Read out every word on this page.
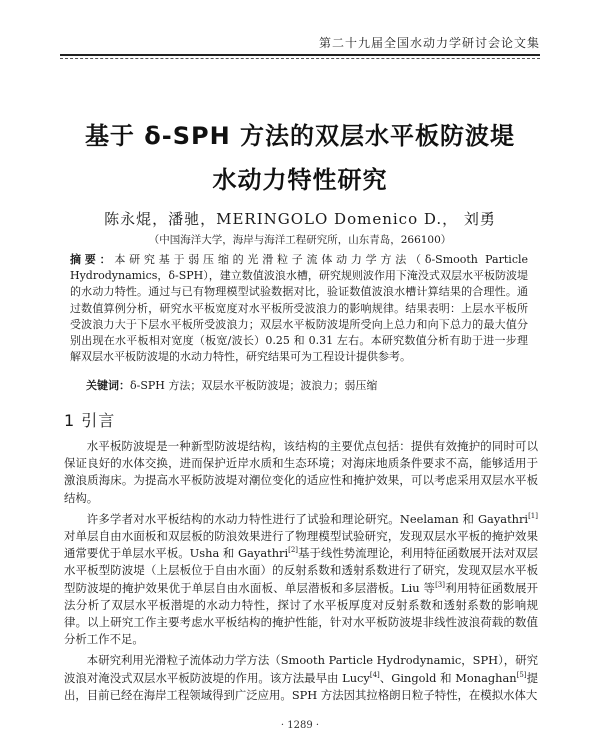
第二十九届全国水动力学研讨会论文集
基于 δ-SPH 方法的双层水平板防波堤
水动力特性研究
陈永焜，潘驰，MERINGOLO Domenico D.， 刘勇
（中国海洋大学，海岸与海洋工程研究所，山东青岛，266100）
摘要：本研究基于弱压缩的光滑粒子流体动力学方法（δ-Smooth Particle Hydrodynamics，δ-SPH），建立数值波浪水槽，研究规则波作用下淹没式双层水平板防波堤的水动力特性。通过与已有物理模型试验数据对比，验证数值波浪水槽计算结果的合理性。通过数值算例分析，研究水平板宽度对水平板所受波浪力的影响规律。结果表明：上层水平板所受波浪力大于下层水平板所受波浪力；双层水平板防波堤所受向上总力和向下总力的最大值分别出现在水平板相对宽度（板宽/波长）0.25 和 0.31 左右。本研究数值分析有助于进一步理解双层水平板防波堤的水动力特性，研究结果可为工程设计提供参考。
关键词：δ-SPH 方法；双层水平板防波堤；波浪力；弱压缩
1 引言

水平板防波堤是一种新型防波堤结构，该结构的主要优点包括：提供有效掩护的同时可以保证良好的水体交换，进而保护近岸水质和生态环境；对海床地质条件要求不高，能够适用于激浪质海床。为提高水平板防波堤对潮位变化的适应性和掩护效果，可以考虑采用双层水平板结构。

许多学者对水平板结构的水动力特性进行了试验和理论研究。Neelaman 和 Gayathri[1]对单层自由水面板和双层板的防浪效果进行了物理模型试验研究，发现双层水平板的掩护效果通常要优于单层水平板。Usha 和 Gayathri[2]基于线性势流理论，利用特征函数展开法对双层水平板型防波堤（上层板位于自由水面）的反射系数和透射系数进行了研究，发现双层水平板型防波堤的掩护效果优于单层自由水面板、单层潜板和多层潜板。Liu 等[3]利用特征函数展开法分析了双层水平板潜堤的水动力特性，探讨了水平板厚度对反射系数和透射系数的影响规律。以上研究工作主要考虑水平板结构的掩护性能，针对水平板防波堤非线性波浪荷载的数值分析工作不足。

本研究利用光滑粒子流体动力学方法（Smooth Particle Hydrodynamic，SPH），研究波浪对淹没式双层水平板防波堤的作用。该方法最早由 Lucy[4]、Gingold 和 Monaghan[5]提出，目前已经在海岸工程领域得到广泛应用。SPH 方法因其拉格朗日粒子特性，在模拟水体大

· 1289 ·
